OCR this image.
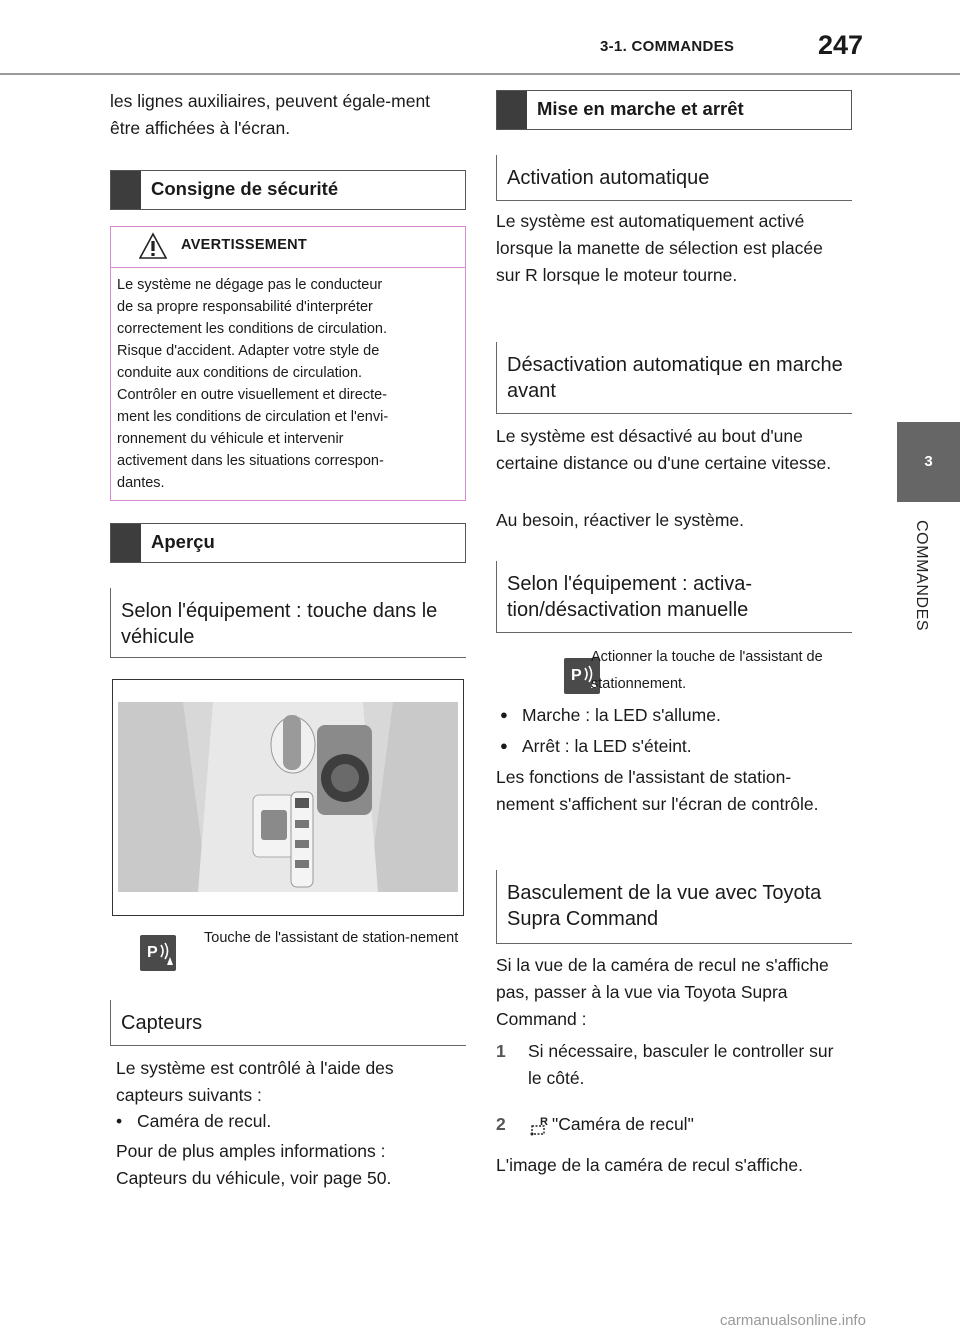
3-1. COMMANDES	247
3
COMMANDES
les lignes auxiliaires, peuvent égale-ment être affichées à l'écran.
Consigne de sécurité
AVERTISSEMENT
Le système ne dégage pas le conducteur
de sa propre responsabilité d'interpréter
correctement les conditions de circulation.
Risque d'accident. Adapter votre style de
conduite aux conditions de circulation.
Contrôler en outre visuellement et directe-
ment les conditions de circulation et l'envi-
ronnement du véhicule et intervenir
activement dans les situations correspon-
dantes.
Aperçu
Selon l'équipement : touche dans le véhicule
P

Touche de l'assistant de station-nement
Capteurs
Le système est contrôlé à l'aide des capteurs suivants :
• Caméra de recul.
Pour de plus amples informations : Capteurs du véhicule, voir page 50.
Mise en marche et arrêt
Activation automatique
Le système est automatiquement activé lorsque la manette de sélection est placée sur R lorsque le moteur tourne.
Désactivation automatique en marche avant
Le système est désactivé au bout d'une certaine distance ou d'une certaine vitesse.
Au besoin, réactiver le système.
Selon l'équipement : activa-tion/désactivation manuelle
P
Actionner la touche de l'assistant de stationnement.
● Marche : la LED s'allume.
● Arrêt : la LED s'éteint.
Les fonctions de l'assistant de station-nement s'affichent sur l'écran de contrôle.
Basculement de la vue avec Toyota Supra Command
Si la vue de la caméra de recul ne s'affiche pas, passer à la vue via Toyota Supra Command :
1 Si nécessaire, basculer le controller sur le côté.
2	R "Caméra de recul"
L'image de la caméra de recul s'affiche.
carmanualsonline.info
